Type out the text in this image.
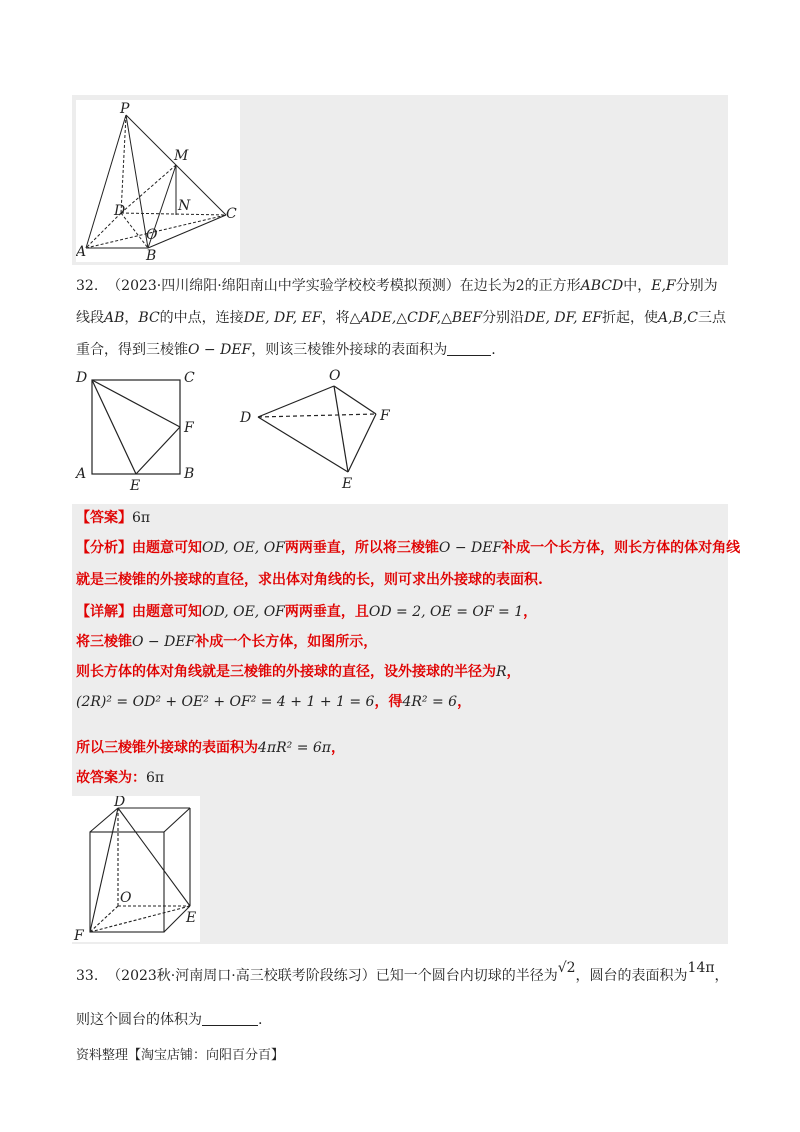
P
M
D	N	C
O
A	B
32. （2023·四川绵阳·绵阳南山中学实验学校校考模拟预测）在边长为2的正方形ABCD中，E,F分别为
线段AB，BC的中点，连接DE, DF, EF，将△ADE,△CDF,△BEF分别沿DE, DF, EF折起，使A,B,C三点
重合，得到三棱锥O − DEF，则该三棱锥外接球的表面积为	.
D	C
F
A
E
B
O
D	F
E
【答案】6π
【分析】由题意可知OD, OE, OF两两垂直，所以将三棱锥O − DEF补成一个长方体，则长方体的体对角线
就是三棱锥的外接球的直径，求出体对角线的长，则可求出外接球的表面积.
【详解】由题意可知OD, OE, OF两两垂直，且OD = 2, OE = OF = 1，
将三棱锥O − DEF补成一个长方体，如图所示，
则长方体的体对角线就是三棱锥的外接球的直径，设外接球的半径为R，
(2R)² = OD² + OE² + OF² = 4 + 1 + 1 = 6，得4R² = 6，
所以三棱锥外接球的表面积为4πR² = 6π，
故答案为：6π
D
O
E
F
33. （2023秋·河南周口·高三校联考阶段练习）已知一个圆台内切球的半径为√2，圆台的表面积为14π，
则这个圆台的体积为	.
资料整理【淘宝店铺：向阳百分百】
